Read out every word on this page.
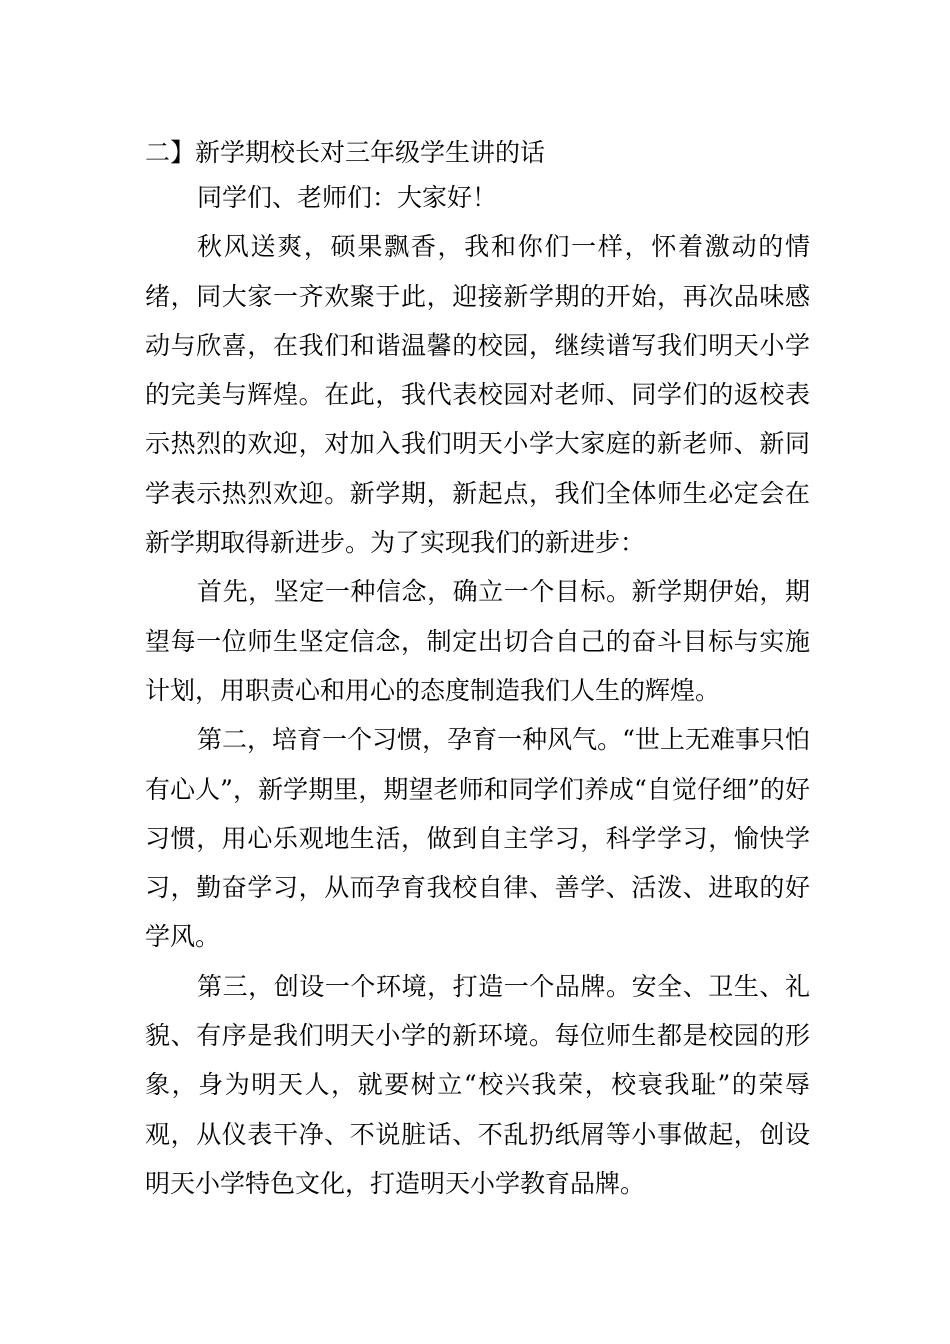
二】新学期校长对三年级学生讲的话

同学们、老师们：大家好！

秋风送爽，硕果飘香，我和你们一样，怀着激动的情绪，同大家一齐欢聚于此，迎接新学期的开始，再次品味感动与欣喜，在我们和谐温馨的校园，继续谱写我们明天小学的完美与辉煌。在此，我代表校园对老师、同学们的返校表示热烈的欢迎，对加入我们明天小学大家庭的新老师、新同学表示热烈欢迎。新学期，新起点，我们全体师生必定会在新学期取得新进步。为了实现我们的新进步：

首先，坚定一种信念，确立一个目标。新学期伊始，期望每一位师生坚定信念，制定出切合自己的奋斗目标与实施计划，用职责心和用心的态度制造我们人生的辉煌。

第二，培育一个习惯，孕育一种风气。“世上无难事只怕有心人”，新学期里，期望老师和同学们养成“自觉仔细”的好习惯，用心乐观地生活，做到自主学习，科学学习，愉快学习，勤奋学习，从而孕育我校自律、善学、活泼、进取的好学风。

第三，创设一个环境，打造一个品牌。安全、卫生、礼貌、有序是我们明天小学的新环境。每位师生都是校园的形象，身为明天人，就要树立“校兴我荣，校衰我耻”的荣辱观，从仪表干净、不说脏话、不乱扔纸屑等小事做起，创设明天小学特色文化，打造明天小学教育品牌。
